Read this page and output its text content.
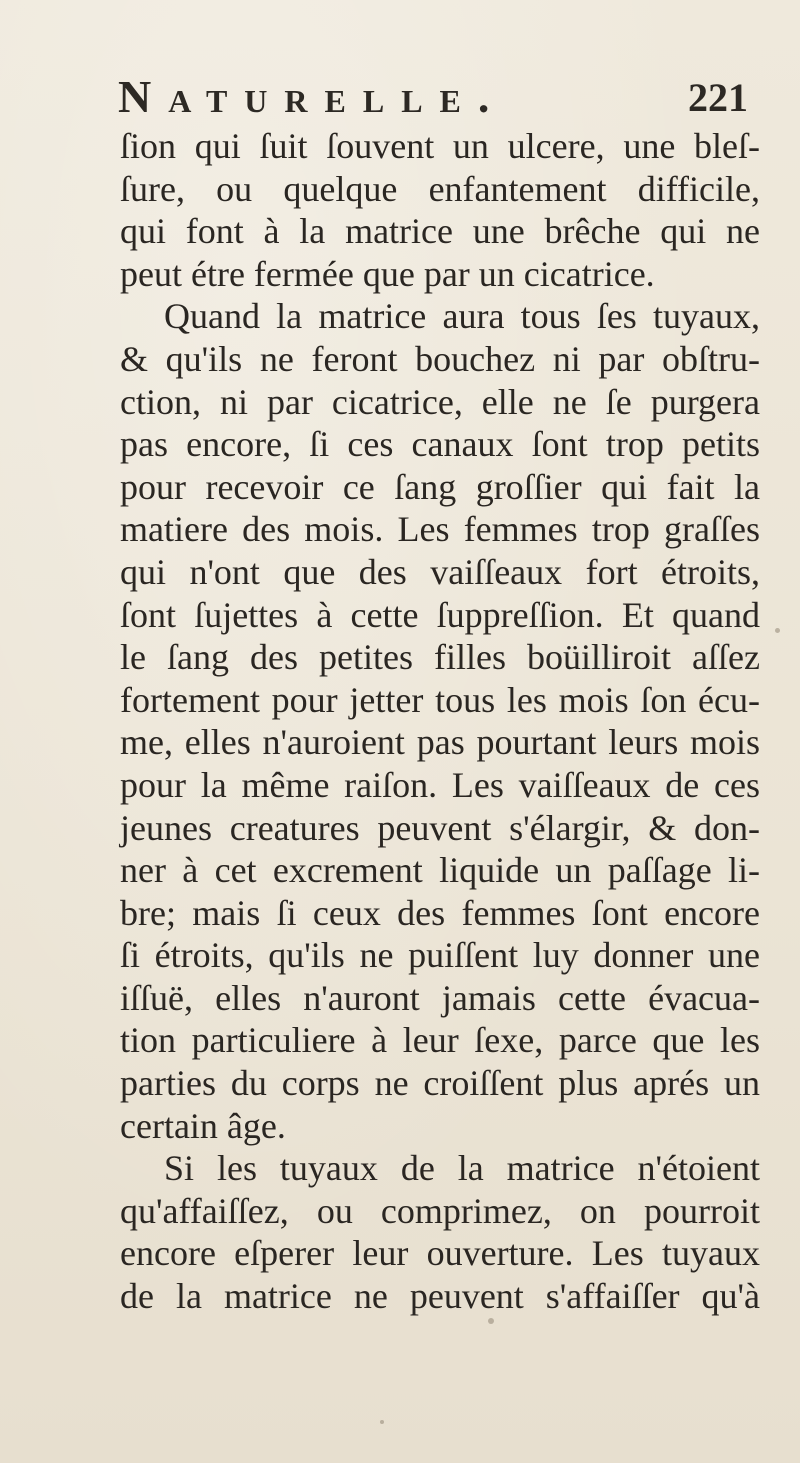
Naturelle.	221
ſion qui ſuit ſouvent un ulcere, une bleſ-
ſure, ou quelque enfantement difficile,
qui font à la matrice une brêche qui ne
peut étre fermée que par un cicatrice.
Quand la matrice aura tous ſes tuyaux,
& qu'ils ne feront bouchez ni par obſtru-
ction, ni par cicatrice, elle ne ſe purgera
pas encore, ſi ces canaux ſont trop petits
pour recevoir ce ſang groſſier qui fait la
matiere des mois. Les femmes trop graſſes
qui n'ont que des vaiſſeaux fort étroits,
ſont ſujettes à cette ſuppreſſion. Et quand
le ſang des petites filles boüilliroit aſſez
fortement pour jetter tous les mois ſon écu-
me, elles n'auroient pas pourtant leurs mois
pour la même raiſon. Les vaiſſeaux de ces
jeunes creatures peuvent s'élargir, & don-
ner à cet excrement liquide un paſſage li-
bre; mais ſi ceux des femmes ſont encore
ſi étroits, qu'ils ne puiſſent luy donner une
iſſuë, elles n'auront jamais cette évacua-
tion particuliere à leur ſexe, parce que les
parties du corps ne croiſſent plus aprés un
certain âge.
Si les tuyaux de la matrice n'étoient
qu'affaiſſez, ou comprimez, on pourroit
encore eſperer leur ouverture. Les tuyaux
de la matrice ne peuvent s'affaiſſer qu'à
